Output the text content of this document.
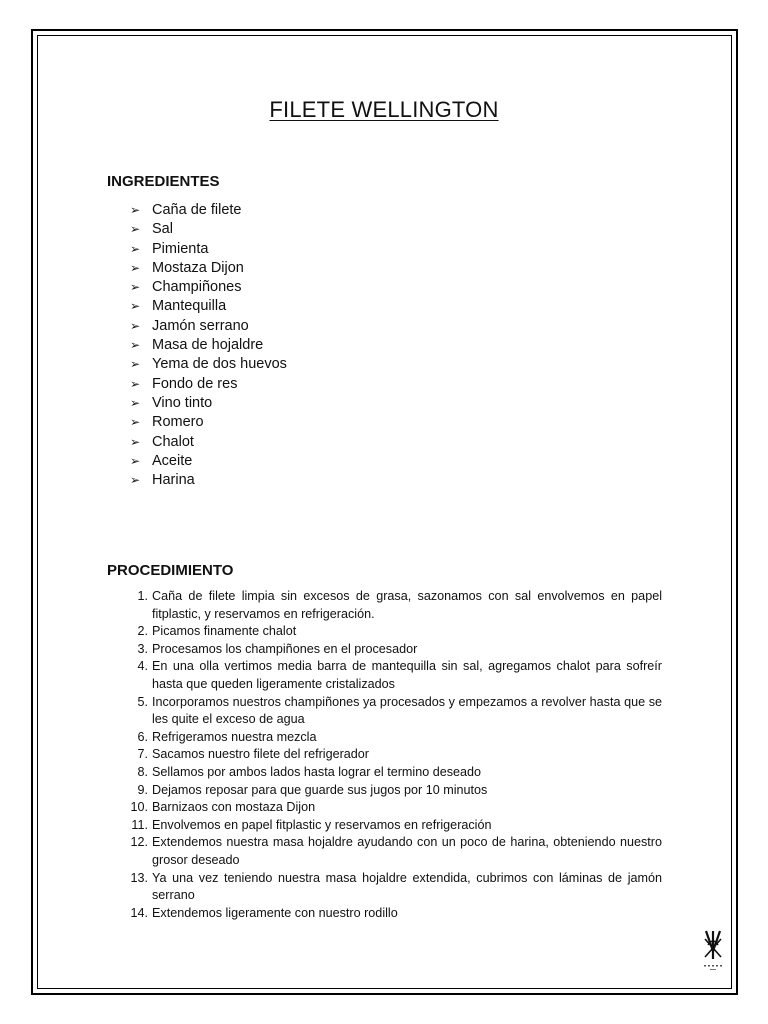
FILETE WELLINGTON
INGREDIENTES
➢ Caña de filete
➢ Sal
➢ Pimienta
➢ Mostaza Dijon
➢ Champiñones
➢ Mantequilla
➢ Jamón serrano
➢ Masa de hojaldre
➢ Yema de dos huevos
➢ Fondo de res
➢ Vino tinto
➢ Romero
➢ Chalot
➢ Aceite
➢ Harina
PROCEDIMIENTO
1. Caña de filete limpia sin excesos de grasa, sazonamos con sal envolvemos en papel fitplastic, y reservamos en refrigeración.
2. Picamos finamente chalot
3. Procesamos los champiñones en el procesador
4. En una olla vertimos media barra de mantequilla sin sal, agregamos chalot para sofreír hasta que queden ligeramente cristalizados
5. Incorporamos nuestros champiñones ya procesados y empezamos a revolver hasta que se les quite el exceso de agua
6. Refrigeramos nuestra mezcla
7. Sacamos nuestro filete del refrigerador
8. Sellamos por ambos lados hasta lograr el termino deseado
9. Dejamos reposar para que guarde sus jugos por 10 minutos
10. Barnizaos con mostaza Dijon
11. Envolvemos en papel fitplastic y reservamos en refrigeración
12. Extendemos nuestra masa hojaldre ayudando con un poco de harina, obteniendo nuestro grosor deseado
13. Ya una vez teniendo nuestra masa hojaldre extendida, cubrimos con láminas de jamón serrano
14. Extendemos ligeramente con nuestro rodillo
